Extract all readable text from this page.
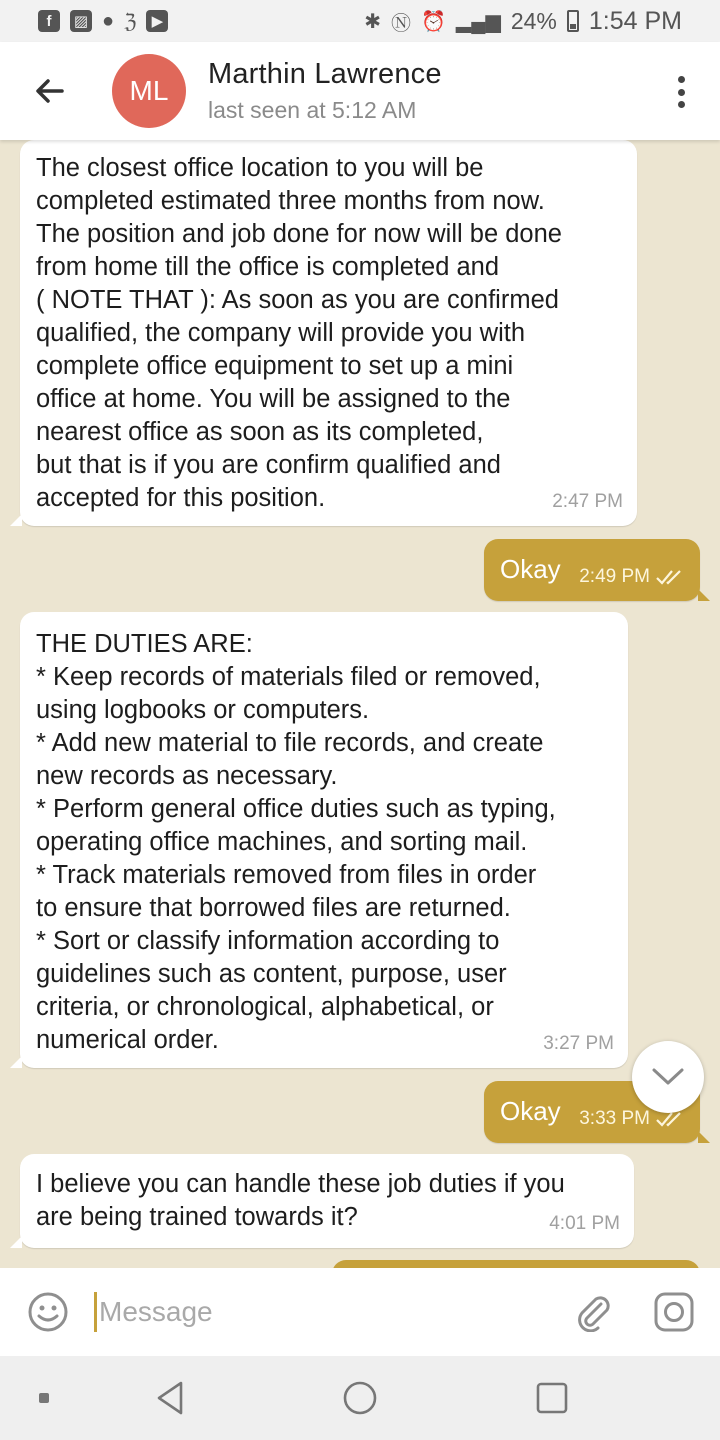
f	▨ ● ℨ	▶	✱ Ⓝ ⏰ ▂▄▆ 24% 1:54 PM
ML
Marthin Lawrence
last seen at 5:12 AM
The closest office location to you will be
completed estimated three months from now.
The position and job done for now will be done
from home till the office is completed and
( NOTE THAT ): As soon as you are confirmed
qualified, the company will provide you with
complete office equipment to set up a mini
office at home. You will be assigned to the
nearest office as soon as its completed,
but that is if you are confirm qualified and
accepted for this position.	2:47 PM
Okay 2:49 PM
THE DUTIES ARE:
* Keep records of materials filed or removed,
using logbooks or computers.
* Add new material to file records, and create
new records as necessary.
* Perform general office duties such as typing,
operating office machines, and sorting mail.
* Track materials removed from files in order
to ensure that borrowed files are returned.
* Sort or classify information according to
guidelines such as content, purpose, user
criteria, or chronological, alphabetical, or
numerical order.	3:27 PM
Okay 3:33 PM
I believe you can handle these job duties if you
are being trained towards it?	4:01 PM
Message
